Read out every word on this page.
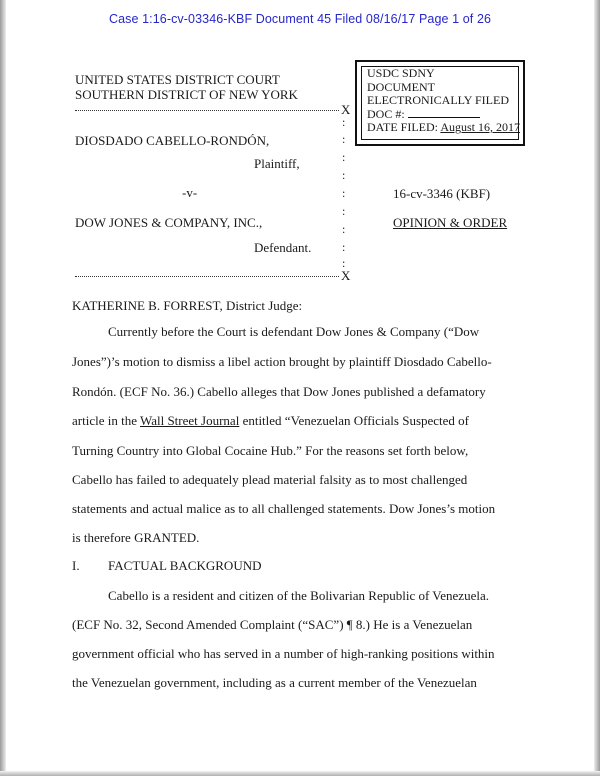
Case 1:16-cv-03346-KBF Document 45 Filed 08/16/17 Page 1 of 26
UNITED STATES DISTRICT COURT
SOUTHERN DISTRICT OF NEW YORK
USDC SDNY
DOCUMENT
ELECTRONICALLY FILED
DOC #:
DATE FILED: August 16, 2017
X
:
:
:
:
:
:
:
:
:
DIOSDADO CABELLO-RONDÓN,
Plaintiff,
-v-
DOW JONES & COMPANY, INC.,
Defendant.
16-cv-3346 (KBF)
OPINION & ORDER
X
KATHERINE B. FORREST, District Judge:
Currently before the Court is defendant Dow Jones & Company (“Dow
Jones”)’s motion to dismiss a libel action brought by plaintiff Diosdado Cabello-
Rondón. (ECF No. 36.) Cabello alleges that Dow Jones published a defamatory
article in the Wall Street Journal entitled “Venezuelan Officials Suspected of
Turning Country into Global Cocaine Hub.” For the reasons set forth below,
Cabello has failed to adequately plead material falsity as to most challenged
statements and actual malice as to all challenged statements. Dow Jones’s motion
is therefore GRANTED.
I. FACTUAL BACKGROUND
Cabello is a resident and citizen of the Bolivarian Republic of Venezuela.
(ECF No. 32, Second Amended Complaint (“SAC”) ¶ 8.) He is a Venezuelan
government official who has served in a number of high-ranking positions within
the Venezuelan government, including as a current member of the Venezuelan
